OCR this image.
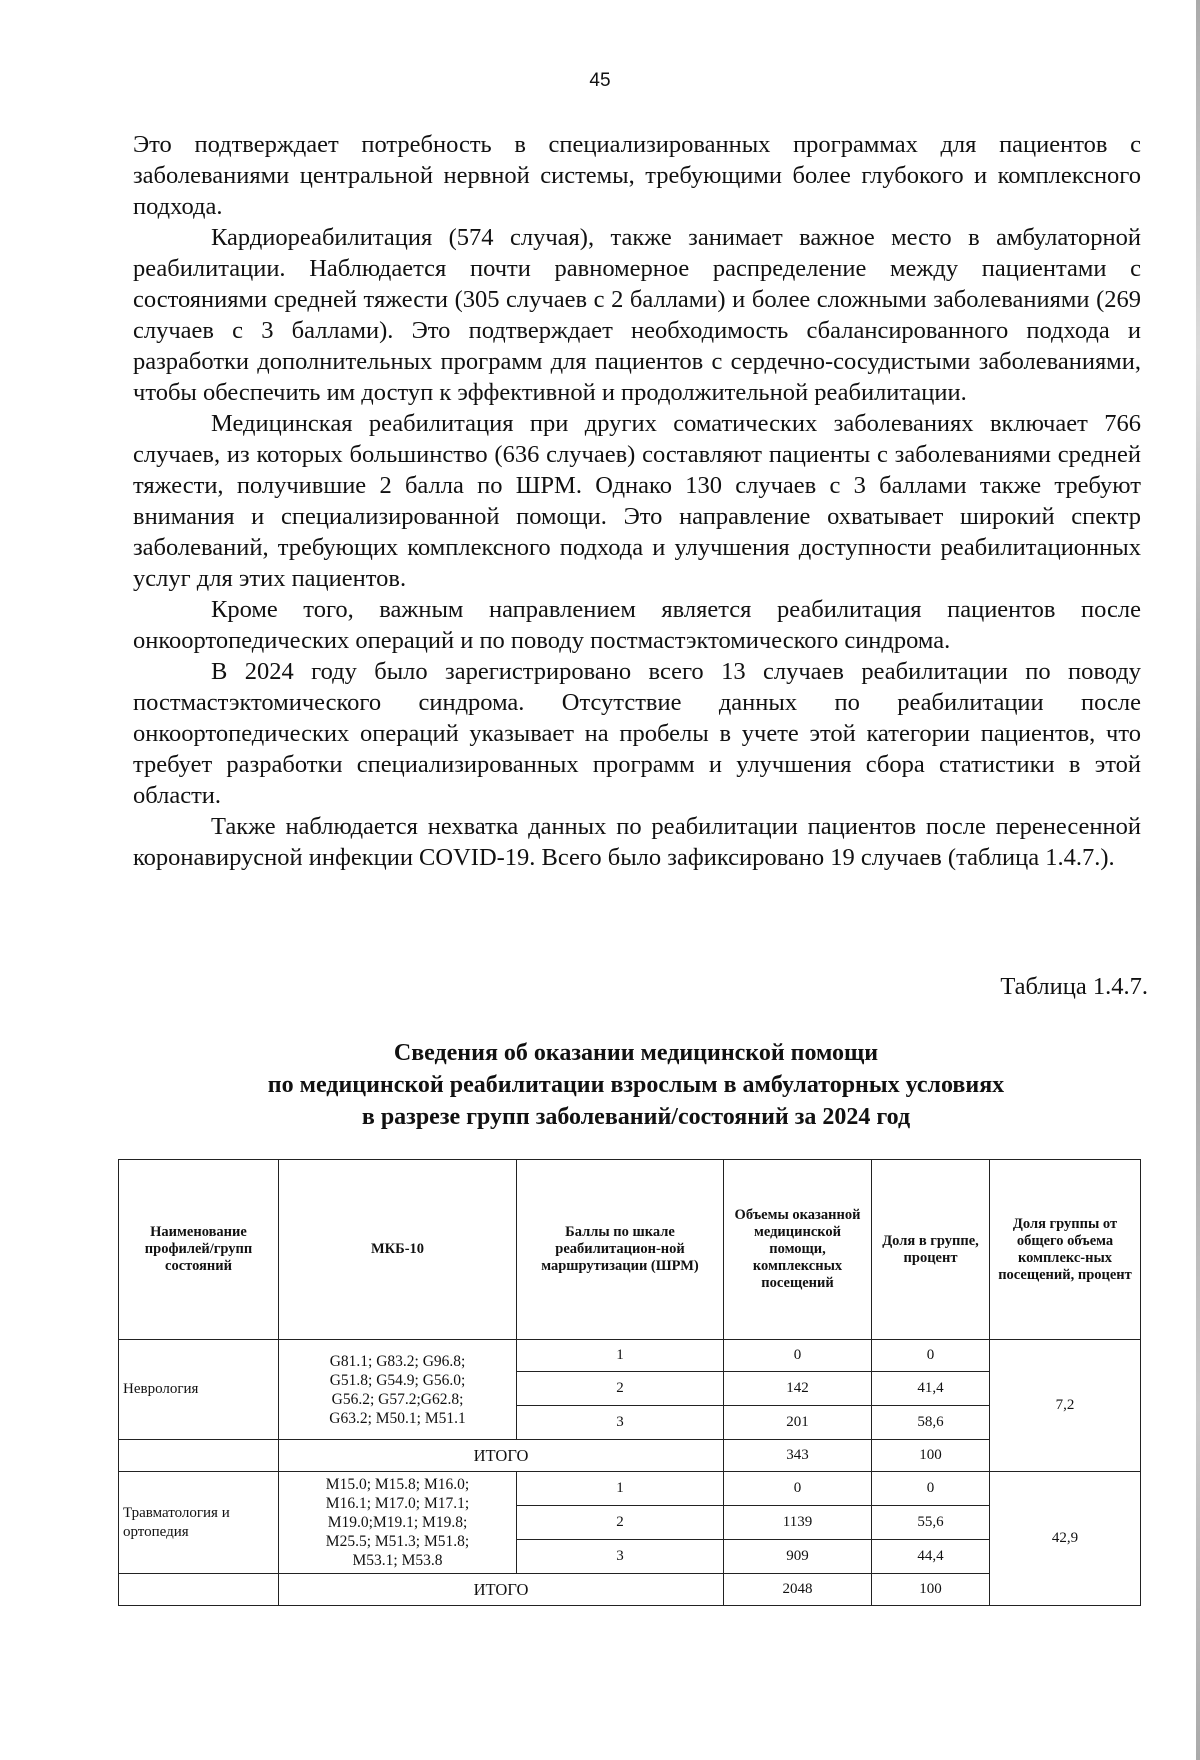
45

Это подтверждает потребность в специализированных программах для пациентов с заболеваниями центральной нервной системы, требующими более глубокого и комплексного подхода.

Кардиореабилитация (574 случая), также занимает важное место в амбулаторной реабилитации. Наблюдается почти равномерное распределение между пациентами с состояниями средней тяжести (305 случаев с 2 баллами) и более сложными заболеваниями (269 случаев с 3 баллами). Это подтверждает необходимость сбалансированного подхода и разработки дополнительных программ для пациентов с сердечно-сосудистыми заболеваниями, чтобы обеспечить им доступ к эффективной и продолжительной реабилитации.

Медицинская реабилитация при других соматических заболеваниях включает 766 случаев, из которых большинство (636 случаев) составляют пациенты с заболеваниями средней тяжести, получившие 2 балла по ШРМ. Однако 130 случаев с 3 баллами также требуют внимания и специализированной помощи. Это направление охватывает широкий спектр заболеваний, требующих комплексного подхода и улучшения доступности реабилитационных услуг для этих пациентов.

Кроме того, важным направлением является реабилитация пациентов после онкоортопедических операций и по поводу постмастэктомического синдрома.

В 2024 году было зарегистрировано всего 13 случаев реабилитации по поводу постмастэктомического синдрома. Отсутствие данных по реабилитации после онкоортопедических операций указывает на пробелы в учете этой категории пациентов, что требует разработки специализированных программ и улучшения сбора статистики в этой области.

Также наблюдается нехватка данных по реабилитации пациентов после перенесенной коронавирусной инфекции COVID-19. Всего было зафиксировано 19 случаев (таблица 1.4.7.).

Таблица 1.4.7.
Сведения об оказании медицинской помощи
по медицинской реабилитации взрослым в амбулаторных условиях
в разрезе групп заболеваний/состояний за 2024 год
Наименование профилей/групп состояний	МКБ-10	Баллы по шкале реабилитацион-ной маршрутизации (ШРМ)	Объемы оказанной медицинской помощи, комплексных посещений	Доля в группе, процент	Доля группы от общего объема комплекс-ных посещений, процент
Неврология	G81.1; G83.2; G96.8;
G51.8; G54.9; G56.0;
G56.2; G57.2;G62.8;
G63.2; M50.1; M51.1	1	0	0	7,2
		2	142	41,4	
		3	201	58,6	
	ИТОГО		343	100	
Травматология и ортопедия	M15.0; M15.8; M16.0;
M16.1; M17.0; M17.1;
M19.0;M19.1; M19.8;
M25.5; M51.3; M51.8;
M53.1; M53.8	1	0	0	42,9
		2	1139	55,6	
		3	909	44,4	
	ИТОГО		2048	100	
